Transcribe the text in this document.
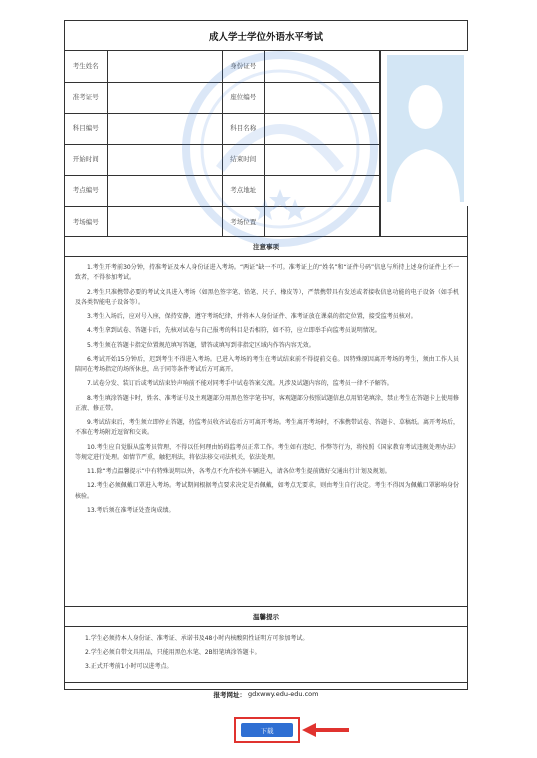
成人学士学位外语水平考试
考生姓名		身份证号	
准考证号		座位编号	
科目编号		科目名称	
开始时间		结束时间	
考点编号		考点地址	
考场编号		考场位置	
注意事项

1.考生开考前30分钟，持准考证及本人身份证进入考场。“两证”缺一不可。准考证上的“姓名”和“证件号码”信息与所持上述身份证件上不一致者，不得参加考试。

2.考生只准携带必要的考试文具进入考场（如黑色签字笔、铅笔、尺子、橡皮等），严禁携带具有发送或者接收信息功能的电子设备（如手机及各类智能电子设备等）。

3.考生入场后，应对号入座，保持安静，遵守考场纪律，并将本人身份证件、准考证放在课桌的指定位置，接受监考员核对。

4.考生拿到试卷、答题卡后，先核对试卷与自己报考的科目是否相符，如不符，应立即举手向监考员说明情况。

5.考生须在答题卡指定位置规范填写答题，错答或填写到非指定区域内作答内容无效。

6.考试开始15分钟后，迟到考生不得进入考场。已进入考场的考生在考试结束前不得提前交卷。因特殊原因离开考场的考生，须由工作人员陪同在考场指定的场所休息，出于同等条件考试后方可离开。

7.试卷分发、装订后或考试结束铃声响前不能对同考手中试卷答案交流。凡涉及试题内容的，监考员一律不予解答。

8.考生填涂答题卡时，姓名、准考证号及主观题部分用黑色签字笔书写，客观题部分按照试题信息点用铅笔填涂，禁止考生在答题卡上使用修正液、修正带。

9.考试结束后，考生须立即停止答题，待监考员收齐试卷后方可离开考场。考生离开考场时，不准携带试卷、答题卡、草稿纸。离开考场后，不准在考场附近逗留和交谈。

10.考生应自觉服从监考员管理，不得以任何理由妨碍监考员正常工作。考生如有违纪、作弊等行为，将按照《国家教育考试违规处理办法》等规定进行处理。如情节严重，触犯刑法，将依法移交司法机关，依法处理。

11.除“考点温馨提示”中有特殊说明以外，各考点不允许校外车辆进入，请各位考生提前做好交通出行计划及规划。

12.考生必须佩戴口罩进入考场。考试期间根据考点要求决定是否佩戴，如考点无要求，则由考生自行决定。考生不得因为佩戴口罩影响身份核验。

13.考后须在准考证处查询成绩。

温馨提示

1.学生必须持本人身份证、准考证、承诺书及48小时内核酸阴性证明方可参加考试。

2.学生必须自带文具用品，只能用黑色水笔、2B铅笔填涂答题卡。

3.正式开考前1小时可以进考点。

报考网址： gdxwwy.edu-edu.com
下载
